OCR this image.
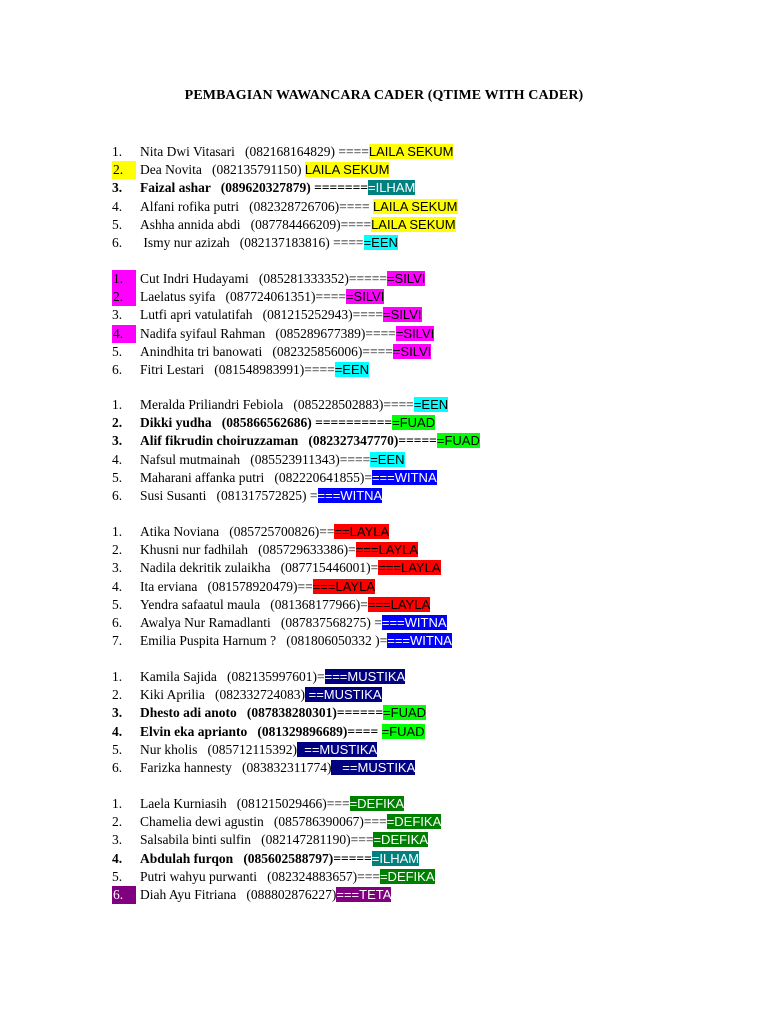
PEMBAGIAN WAWANCARA CADER (QTIME WITH CADER)
1.	Nita Dwi Vitasari   (082168164829) ====LAILA SEKUM
2.	Dea Novita   (082135791150) LAILA SEKUM
3.	Faizal ashar   (089620327879) ========ILHAM
4.	Alfani rofika putri   (082328726706)==== LAILA SEKUM
5.	Ashha annida abdi   (087784466209)====LAILA SEKUM
6.	Ismy nur azizah   (082137183816) =====EEN
1.	Cut Indri Hudayami   (085281333352)======SILVI
2.	Laelatus syifa   (087724061351)=====SILVI
3.	Lutfi apri vatulatifah   (081215252943)=====SILVI
4.	Nadifa syifaul Rahman   (085289677389)=====SILVI
5.	Anindhita tri banowati   (082325856006)=====SILVI
6.	Fitri Lestari   (081548983991)=====EEN
1.	Meralda Priliandri Febiola   (085228502883)=====EEN
2.	Dikki yudha   (085866562686) ===========FUAD
3.	Alif fikrudin choiruzzaman   (082327347770)======FUAD
4.	Nafsul mutmainah   (085523911343)=====EEN
5.	Maharani affanka putri   (082220641855)====WITNA
6.	Susi Susanti   (081317572825) ====WITNA
1.	Atika Noviana   (085725700826)====LAYLA
2.	Khusni nur fadhilah   (085729633386)====LAYLA
3.	Nadila dekritik zulaikha   (087715446001)====LAYLA
4.	Ita erviana   (081578920479)=====LAYLA
5.	Yendra safaatul maula   (081368177966)====LAYLA
6.	Awalya Nur Ramadlanti   (087837568275) ====WITNA
7.	Emilia Puspita Harnum ?   (081806050332 )====WITNA
1.	Kamila Sajida   (082135997601)====MUSTIKA
2.	Kiki Aprilia   (082332724083) ==MUSTIKA
3.	Dhesto adi anoto   (087838280301)=======FUAD
4.	Elvin eka aprianto   (081329896689)==== =FUAD
5.	Nur kholis   (085712115392)  ==MUSTIKA
6.	Farizka hannesty   (083832311774)   ==MUSTIKA
1.	Laela Kurniasih   (081215029466)====DEFIKA
2.	Chamelia dewi agustin   (085786390067)====DEFIKA
3.	Salsabila binti sulfin   (082147281190)====DEFIKA
4.	Abdulah furqon   (085602588797)======ILHAM
5.	Putri wahyu purwanti   (082324883657)====DEFIKA
6.	Diah Ayu Fitriana   (088802876227)===TETA
